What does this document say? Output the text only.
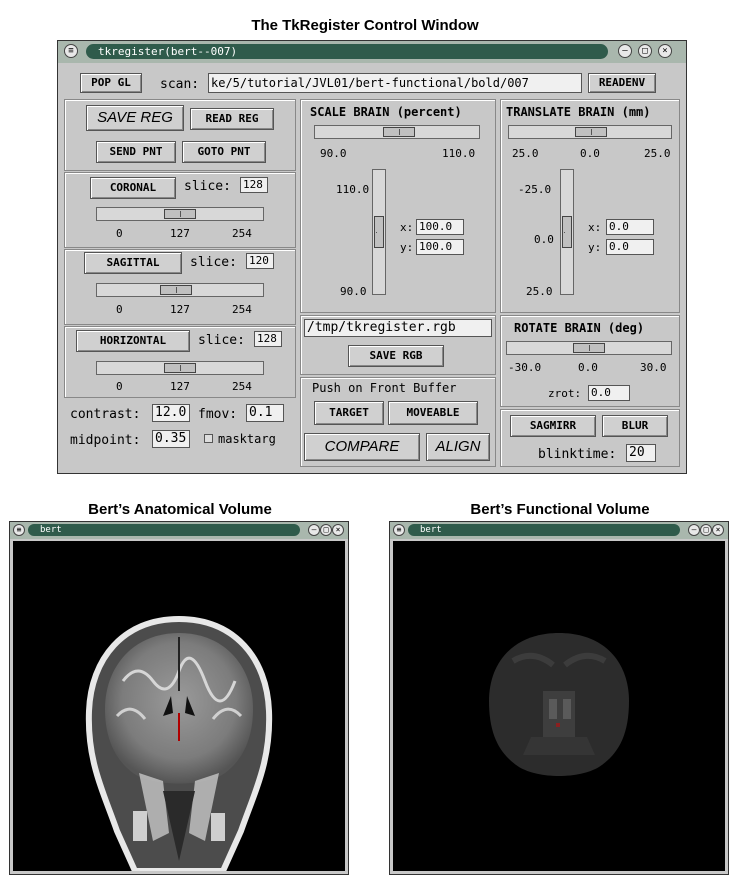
The TkRegister Control Window
Bert’s Anatomical Volume	Bert’s Functional Volume
≡	tkregister(bert--007)	–	□	×
POP GL	scan: ke/5/tutorial/JVL01/bert-functional/bold/007	READENV
SAVE REG	READ REG
SEND PNT	GOTO PNT
CORONAL	slice: 128
0	127	254
SAGITTAL	slice: 120
0	127	254
HORIZONTAL	slice: 128
0	127	254
contrast: 12.0 fmov: 0.1
midpoint: 0.35	masktarg
SCALE BRAIN (percent)
90.0	110.0
110.0
90.0
x: 100.0
y: 100.0
/tmp/tkregister.rgb
SAVE RGB
Push on Front Buffer
TARGET	MOVEABLE
COMPARE	ALIGN
TRANSLATE BRAIN (mm)
25.0	0.0	25.0
-25.0
0.0
25.0
x: 0.0
y: 0.0
ROTATE BRAIN (deg)
-30.0	0.0	30.0
zrot: 0.0
SAGMIRR	BLUR
blinktime: 20
≡	bert	– □ ×	≡	bert	– □ ×
